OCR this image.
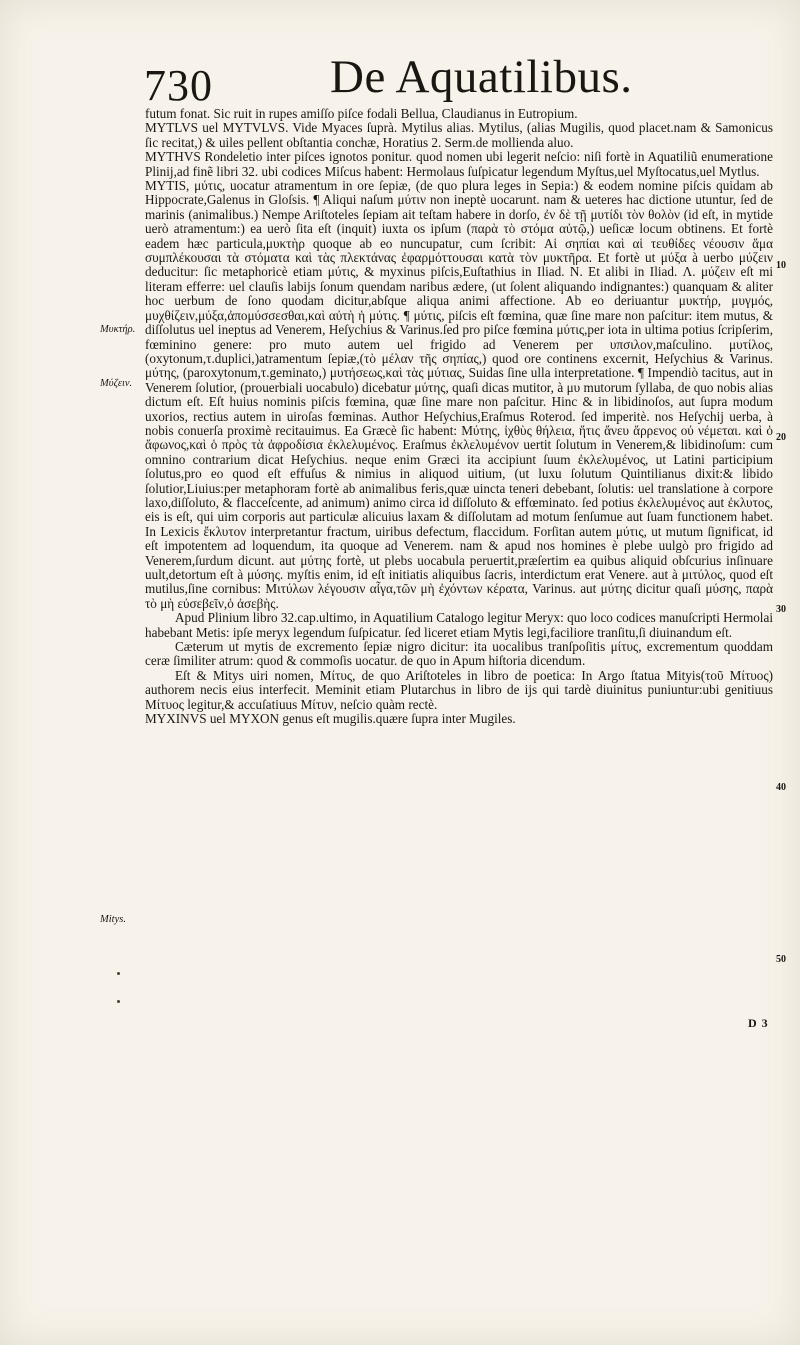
730 De Aquatilibus.

futum fonat. Sic ruit in rupes amiſſo piſce fodali Bellua, Claudianus in Eutropium.

MYTLVS uel MYTVLVS. Vide Myaces ſuprà. Mytilus alias. Mytilus, (alias Mugilis, quod placet.nam & Samonicus ſic recitat,) & uiles pellent obſtantia conchæ, Horatius 2. Serm.de mollienda aluo.

MYTHVS Rondeletio inter piſces ignotos ponitur. quod nomen ubi legerit neſcio: niſi fortè in Aquatiliũ enumeratione Plinij,ad finẽ libri 32. ubi codices Miſcus habent: Hermolaus ſuſpicatur legendum Myſtus,uel Myſtocatus,uel Mytlus.

MYTIS, μύτις, uocatur atramentum in ore ſepiæ, (de quo plura leges in Sepia:) & eodem nomine piſcis quidam ab Hippocrate,Galenus in Gloſsis. ¶ Aliqui naſum μύτιν non ineptè uocarunt. nam & ueteres hac dictione utuntur, ſed de marinis (animalibus.) Nempe Ariſtoteles ſepiam ait teſtam habere in dorſo, ἐν δὲ τῇ μυτίδι τὸν θολὸν (id eſt, in mytide uerò atramentum:) ea uerò ſita eſt (inquit) iuxta os ipſum (παρὰ τὸ στόμα αὐτῷ,) ueſicæ locum obtinens. Et fortè eadem hæc particula,μυκτὴρ quoque ab eo nuncupatur, cum ſcribit: Αἱ σηπίαι καὶ αἱ τευθίδες νέουσιν ἅμα συμπλέκουσαι τὰ στόματα καὶ τὰς πλεκτάνας ἐφαρμόττουσαι κατὰ τὸν μυκτῆρα. Et fortè ut μύξα à uerbo μύζειν deducitur: ſic metaphoricè etiam μύτις, & myxinus piſcis,Euſtathius in Iliad. N. Et alibi in Iliad. Λ. μύζειν eſt mi literam efferre: uel clauſis labijs ſonum quendam naribus ædere, (ut ſolent aliquando indignantes:) quanquam & aliter hoc uerbum de ſono quodam dicitur,abſque aliqua animi affectione. Ab eo deriuantur μυκτήρ, μυγμός, μυχθίζειν,μύξα,ἀπομύσσεσθαι,καὶ αὐτὴ ἡ μύτις. ¶ μύτις, piſcis eſt fœmina, quæ ſine mare non paſcitur: item mutus, & diſſolutus uel ineptus ad Venerem, Heſychius & Varinus.ſed pro piſce fœmina μύτις,per iota in ultima potius ſcripſerim, fœminino genere: pro muto autem uel frigido ad Venerem per υπσιλον,maſculino. μυτίλος, (oxytonum,τ.duplici,)atramentum ſepiæ,(τὸ μέλαν τῆς σηπίας,) quod ore continens excernit, Heſychius & Varinus. μύτης, (paroxytonum,τ.geminato,) μυτήσεως,καὶ τὰς μύτιας, Suidas ſine ulla interpretatione. ¶ Impendiò tacitus, aut in Venerem ſolutior, (prouerbiali uocabulo) dicebatur μύτης, quaſi dicas mutitor, à μυ mutorum ſyllaba, de quo nobis alias dictum eſt. Eſt huius nominis piſcis fœmina, quæ ſine mare non paſcitur. Hinc & in libidinoſos, aut ſupra modum uxorios, rectius autem in uiroſas fœminas. Author Heſychius,Eraſmus Roterod. ſed imperitè. nos Heſychij uerba, à nobis conuerſa proximè recitauimus. Ea Græcè ſic habent: Μύτης, ἰχθὺς θήλεια, ἥτις ἄνευ ἄρρενος οὐ νέμεται. καὶ ὁ ἄφωνος,καὶ ὁ πρὸς τὰ ἀφροδίσια ἐκλελυμένος. Eraſmus ἐκλελυμένον uertit ſolutum in Venerem,& libidinoſum: cum omnino contrarium dicat Heſychius. neque enim Græci ita accipiunt ſuum ἐκλελυμένος, ut Latini participium ſolutus,pro eo quod eſt effuſus & nimius in aliquod uitium, (ut luxu ſolutum Quintilianus dixit:& libido ſolutior,Liuius:per metaphoram fortè ab animalibus feris,quæ uincta teneri debebant, ſolutis: uel translatione à corpore laxo,diſſoluto, & flacceſcente, ad animum) animo circa id diſſoluto & effœminato. ſed potius ἐκλελυμένος aut ἐκλυτος, eis is eſt, qui uim corporis aut particulæ alicuius laxam & diſſolutam ad motum ſenſumue aut ſuam functionem habet. In Lexicis ἔκλυτον interpretantur fractum, uiribus defectum, flaccidum. Forſitan autem μύτις, ut mutum ſignificat, id eſt impotentem ad loquendum, ita quoque ad Venerem. nam & apud nos homines è plebe uulgò pro frigido ad Venerem,ſurdum dicunt. aut μύτης fortè, ut plebs uocabula peruertit,præſertim ea quibus aliquid obſcurius inſinuare uult,detortum eſt à μύσης. myſtis enim, id eſt initiatis aliquibus ſacris, interdictum erat Venere. aut à μιτύλος, quod eſt mutilus,ſine cornibus: Μιτύλων λέγουσιν αἶγα,τῶν μὴ ἐχόντων κέρατα, Varinus. aut μύτης dicitur quaſi μύσης, παρὰ τὸ μὴ εὐσεβεῖν,ὁ ἀσεβὴς.

Apud Plinium libro 32.cap.ultimo, in Aquatilium Catalogo legitur Meryx: quo loco codices manuſcripti Hermolai habebant Metis: ipſe meryx legendum ſuſpicatur. ſed liceret etiam Mytis legi,faciliore tranſitu,ſi diuinandum eſt.

Cæterum ut mytis de excremento ſepiæ nigro dicitur: ita uocalibus tranſpoſitis μίτυς, excrementum quoddam ceræ ſimiliter atrum: quod & commoſis uocatur. de quo in Apum hiſtoria dicendum.

Eſt & Mitys uiri nomen, Μίτυς, de quo Ariſtoteles in libro de poetica: In Argo ſtatua Mityis(τοῦ Μίτυος) authorem necis eius interfecit. Meminit etiam Plutarchus in libro de ijs qui tardè diuinitus puniuntur:ubi genitiuus Μίτυος legitur,& accuſatiuus Μίτυν, neſcio quàm rectè.

MYXINVS uel MYXON genus eſt mugilis.quære ſupra inter Mugiles.

Μυκτήρ.
Μύζειν.
Mitys.
10
20
30
40
50
D 3
